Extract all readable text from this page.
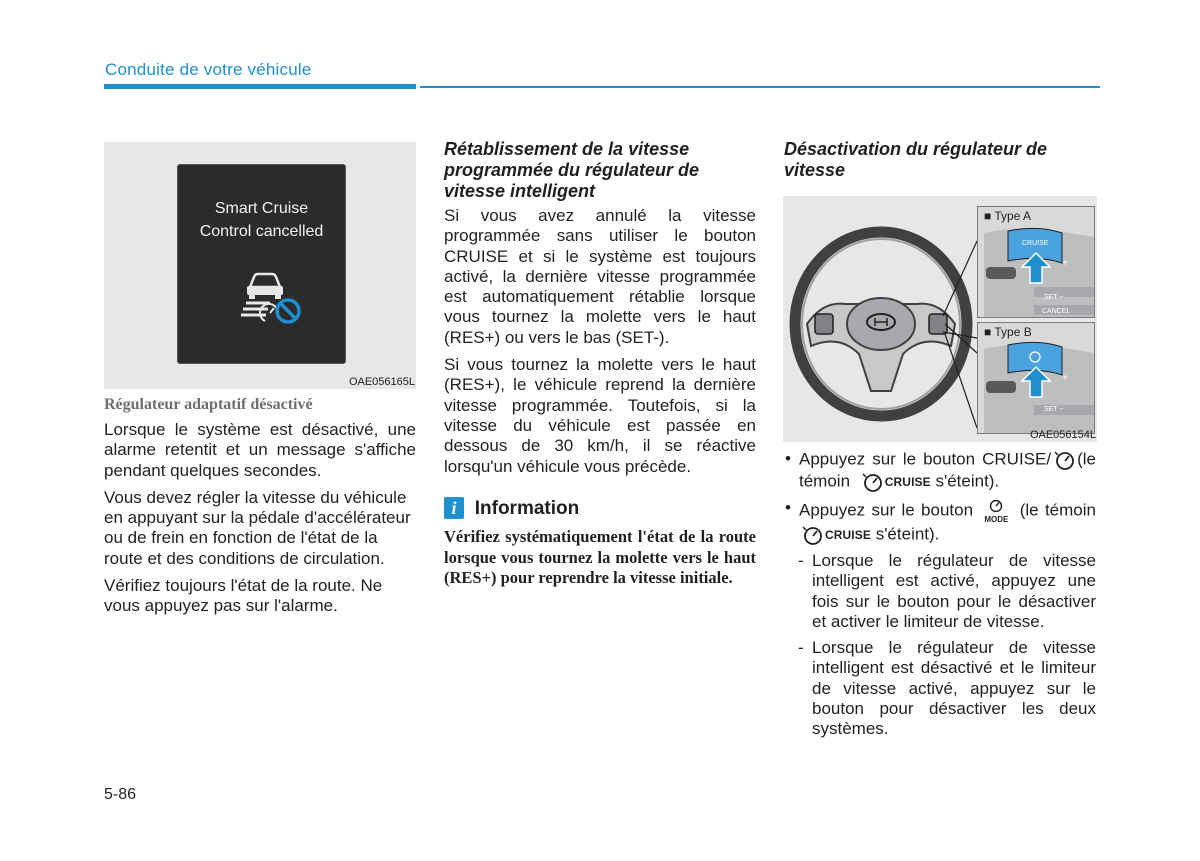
Conduite de votre véhicule
Smart Cruise
Control cancelled
OAE056165L
Régulateur adaptatif désactivé

Lorsque le système est désactivé, une alarme retentit et un message s'affiche pendant quelques secondes.

Vous devez régler la vitesse du véhicule en appuyant sur la pédale d'accélérateur ou de frein en fonction de l'état de la route et des conditions de circulation.

Vérifiez toujours l'état de la route. Ne vous appuyez pas sur l'alarme.

Rétablissement de la vitesse programmée du régulateur de vitesse intelligent

Si vous avez annulé la vitesse programmée sans utiliser le bouton CRUISE et si le système est toujours activé, la dernière vitesse programmée est automatiquement rétablie lorsque vous tournez la molette vers le haut (RES+) ou vers le bas (SET-).

Si vous tournez la molette vers le haut (RES+), le véhicule reprend la dernière vitesse programmée. Toutefois, si la vitesse du véhicule est passée en dessous de 30 km/h, il se réactive lorsqu'un véhicule vous précède.

i Information
Vérifiez systématiquement l'état de la route lorsque vous tournez la molette vers le haut (RES+) pour reprendre la vitesse initiale.

Désactivation du régulateur de vitesse

■ Type A
CRUISE
+
SET −
CANCEL
■ Type B
+
SET −
OAE056154L

• Appuyez sur le bouton CRUISE/ (le témoin	CRUISE s'éteint).

• Appuyez sur le bouton
MODE (le témoin CRUISE s'éteint).

- Lorsque le régulateur de vitesse intelligent est activé, appuyez une fois sur le bouton pour le désactiver et activer le limiteur de vitesse.

- Lorsque le régulateur de vitesse intelligent est désactivé et le limiteur de vitesse activé, appuyez sur le bouton pour désactiver les deux systèmes.

5-86
